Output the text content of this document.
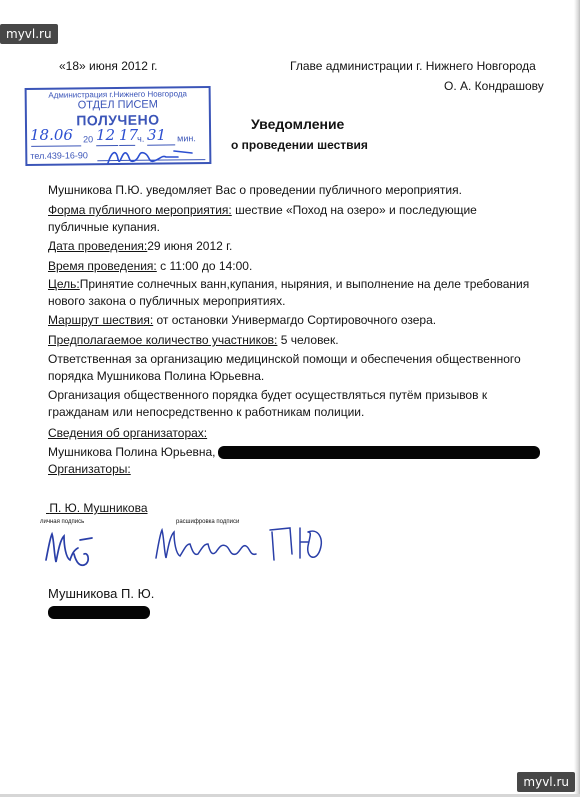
myvl.ru
«18» июня 2012 г.	Главе администрации г. Нижнего Новгорода
О. А. Кондрашову
Администрация г.Нижнего Новгорода
ОТДЕЛ ПИСЕМ
ПОЛУЧЕНО
20	ч.	мин.
тел.439-16-90
18.06 12 17 31
Уведомление
о проведении шествия
Мушникова П.Ю. уведомляет Вас о проведении публичного мероприятия.
Форма публичного мероприятия: шествие «Поход на озеро» и последующие
публичные купания.
Дата проведения:29 июня 2012 г.
Время проведения: с 11:00 до 14:00.
Цель:Принятие солнечных ванн,купания, ныряния, и выполнение на деле требования
нового закона о публичных мероприятиях.
Маршрут шествия: от остановки Универмагдо Сортировочного озера.
Предполагаемое количество участников: 5 человек.
Ответственная за организацию медицинской помощи и обеспечения общественного
порядка Мушникова Полина Юрьевна.
Организация общественного порядка будет осуществляться путём призывов к
гражданам или непосредственно к работникам полиции.
Сведения об организаторах:
Мушникова Полина Юрьевна,
Организаторы:
П. Ю. Мушникова
личная подпись	расшифровка подписи
Мушникова П. Ю.
myvl.ru
